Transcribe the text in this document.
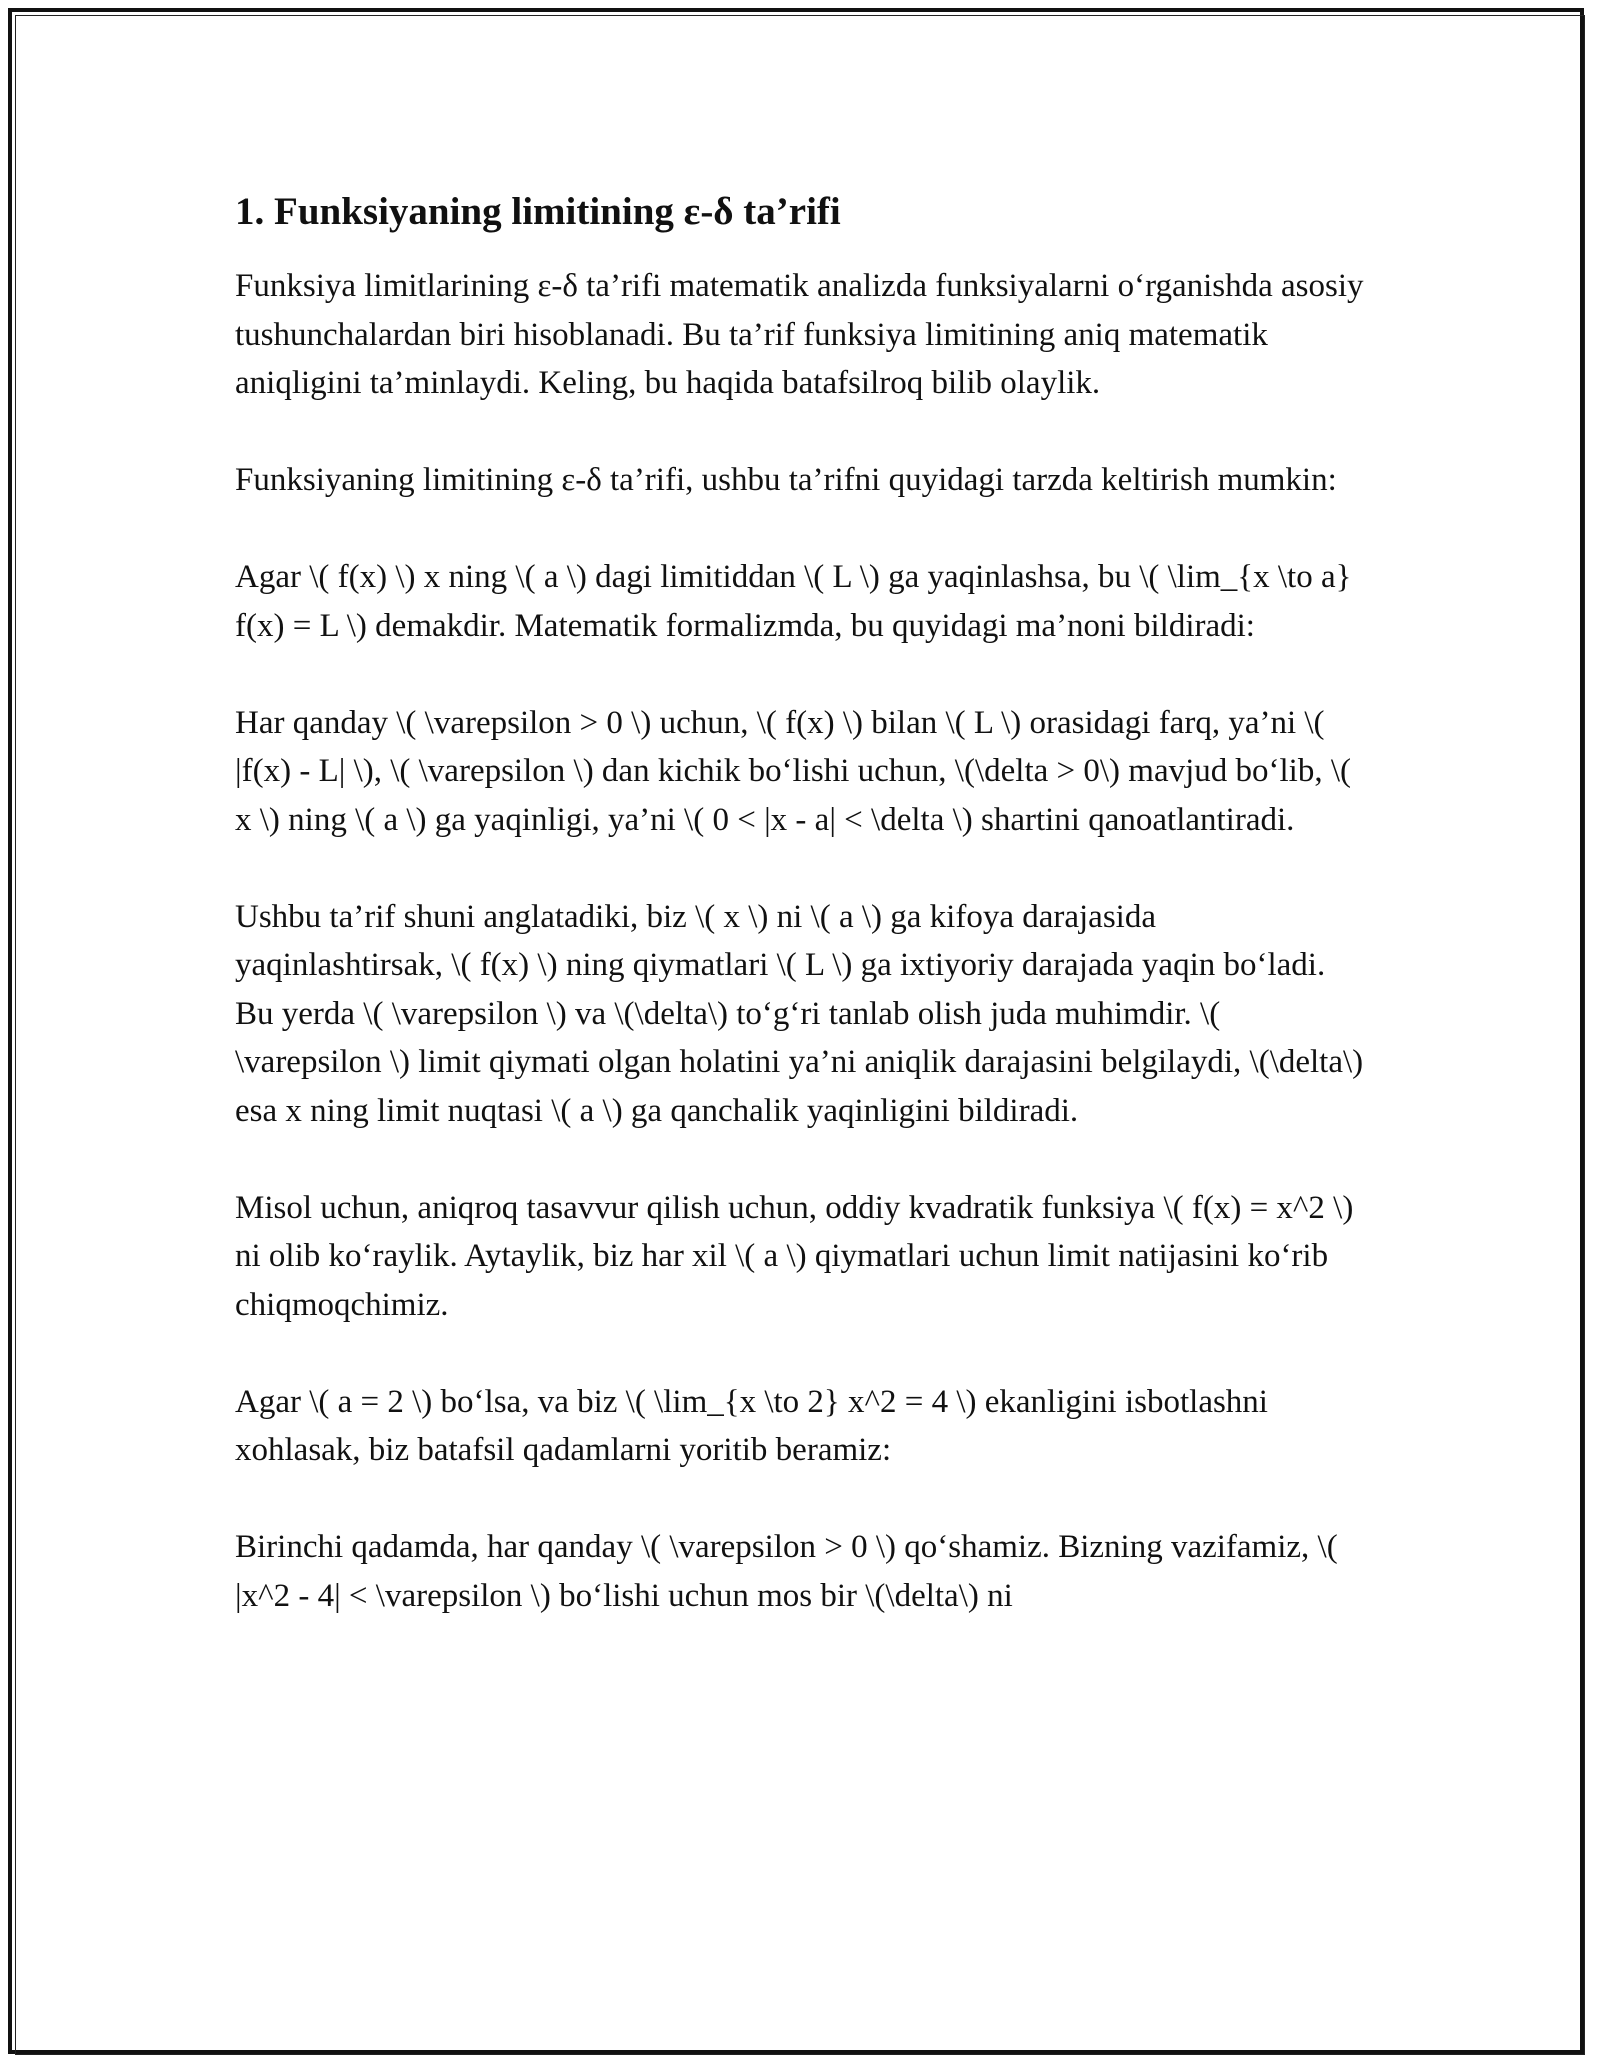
1. Funksiyaning limitining ε-δ ta’rifi

Funksiya limitlarining ε-δ ta’rifi matematik analizda funksiyalarni o‘rganishda asosiy tushunchalardan biri hisoblanadi. Bu ta’rif funksiya limitining aniq matematik aniqligini ta’minlaydi. Keling, bu haqida batafsilroq bilib olaylik.

Funksiyaning limitining ε-δ ta’rifi, ushbu ta’rifni quyidagi tarzda keltirish mumkin:

Agar \( f(x) \) x ning \( a \) dagi limitiddan \( L \) ga yaqinlashsa, bu \( \lim_{x \to a} f(x) = L \) demakdir. Matematik formalizmda, bu quyidagi ma’noni bildiradi:

Har qanday \( \varepsilon > 0 \) uchun, \( f(x) \) bilan \( L \) orasidagi farq, ya’ni \( |f(x) - L| \), \( \varepsilon \) dan kichik bo‘lishi uchun, \(\delta > 0\) mavjud bo‘lib, \( x \) ning \( a \) ga yaqinligi, ya’ni \( 0 < |x - a| < \delta \) shartini qanoatlantiradi.

Ushbu ta’rif shuni anglatadiki, biz \( x \) ni \( a \) ga kifoya darajasida yaqinlashtirsak, \( f(x) \) ning qiymatlari \( L \) ga ixtiyoriy darajada yaqin bo‘ladi. Bu yerda \( \varepsilon \) va \(\delta\) to‘g‘ri tanlab olish juda muhimdir. \( \varepsilon \) limit qiymati olgan holatini ya’ni aniqlik darajasini belgilaydi, \(\delta\) esa x ning limit nuqtasi \( a \) ga qanchalik yaqinligini bildiradi.

Misol uchun, aniqroq tasavvur qilish uchun, oddiy kvadratik funksiya \( f(x) = x^2 \) ni olib ko‘raylik. Aytaylik, biz har xil \( a \) qiymatlari uchun limit natijasini ko‘rib chiqmoqchimiz.

Agar \( a = 2 \) bo‘lsa, va biz \( \lim_{x \to 2} x^2 = 4 \) ekanligini isbotlashni xohlasak, biz batafsil qadamlarni yoritib beramiz:

Birinchi qadamda, har qanday \( \varepsilon > 0 \) qo‘shamiz. Bizning vazifamiz, \( |x^2 - 4| < \varepsilon \) bo‘lishi uchun mos bir \(\delta\) ni
